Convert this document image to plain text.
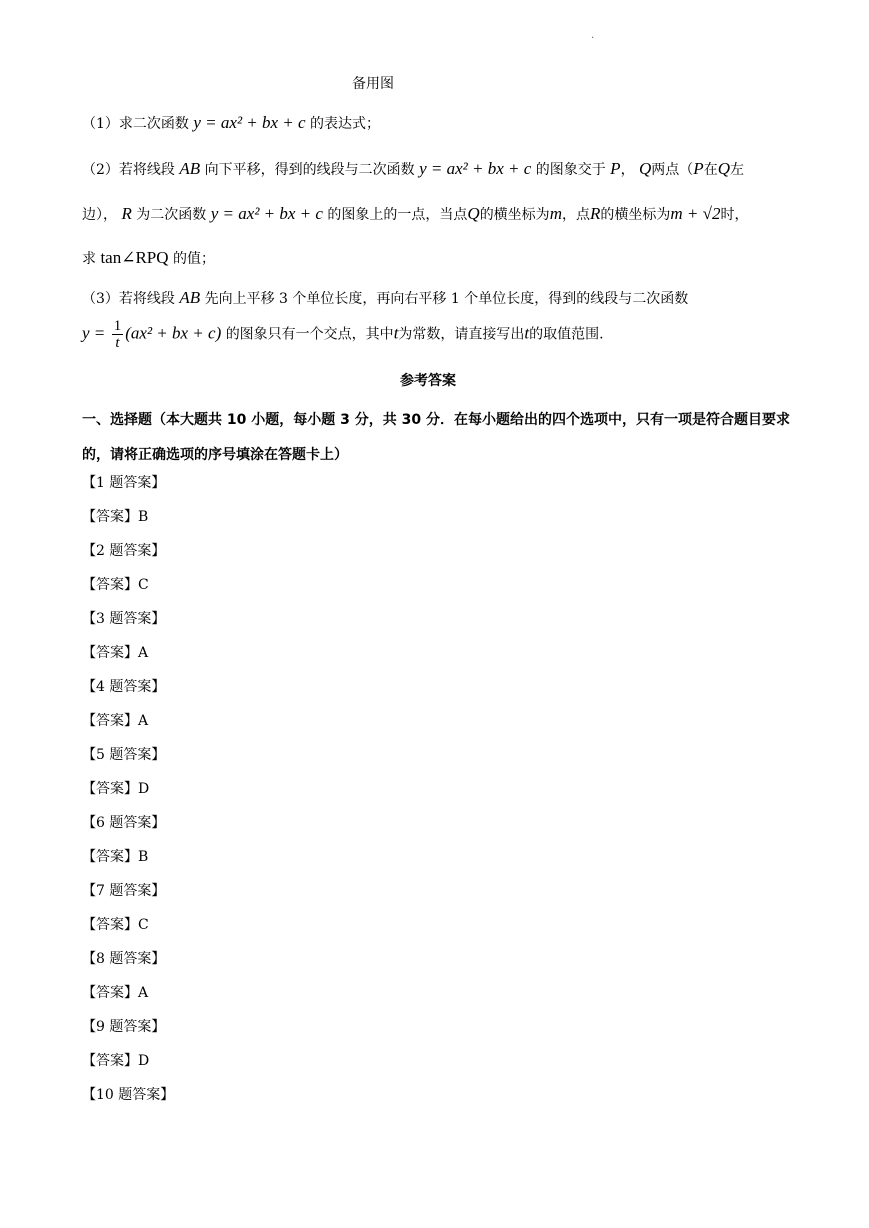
.
备用图
（1）求二次函数 y = ax² + bx + c 的表达式；
（2）若将线段 AB 向下平移，得到的线段与二次函数 y = ax² + bx + c 的图象交于 P， Q两点（P在Q左
边）， R 为二次函数 y = ax² + bx + c 的图象上的一点，当点Q的横坐标为m，点R的横坐标为m + √2时，
求 tan∠RPQ 的值；
（3）若将线段 AB 先向上平移 3 个单位长度，再向右平移 1 个单位长度，得到的线段与二次函数
$y = \frac{1}{t} (ax^2$ + bx + c) 的图象只有一个交点，其中t为常数，请直接写出t的取值范围.
参考答案
一、选择题（本大题共 10 小题，每小题 3 分，共 30 分．在每小题给出的四个选项中，只有一项是符合题目要求的，请将正确选项的序号填涂在答题卡上）
【1 题答案】
【答案】B
【2 题答案】
【答案】C
【3 题答案】
【答案】A
【4 题答案】
【答案】A
【5 题答案】
【答案】D
【6 题答案】
【答案】B
【7 题答案】
【答案】C
【8 题答案】
【答案】A
【9 题答案】
【答案】D
【10 题答案】
